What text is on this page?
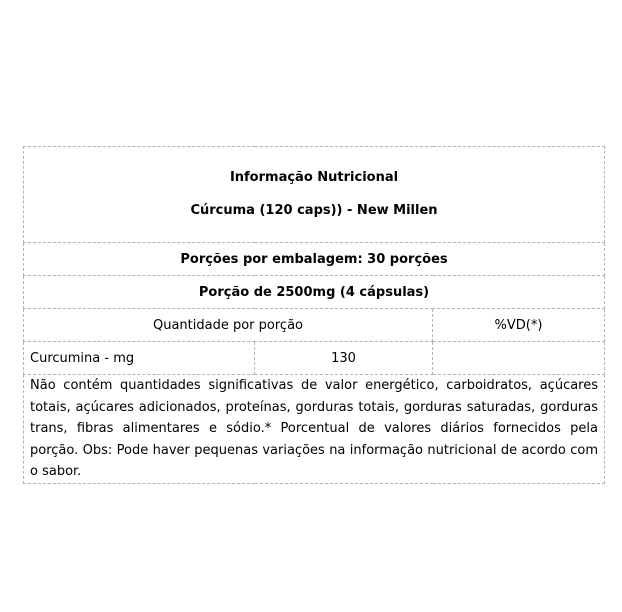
Informação Nutricional
Cúrcuma (120 caps)) - New Millen		

Porções por embalagem: 30 porções		
Porção de 2500mg (4 cápsulas)		
Quantidade por porção		%VD(*)
Curcumina - mg	130	
Não contém quantidades significativas de valor energético, carboidratos, açúcares totais, açúcares adicionados, proteínas, gorduras totais, gorduras saturadas, gorduras trans, fibras alimentares e sódio.* Porcentual de valores diários fornecidos pela porção. Obs: Pode haver pequenas variações na informação nutricional de acordo com o sabor.		
